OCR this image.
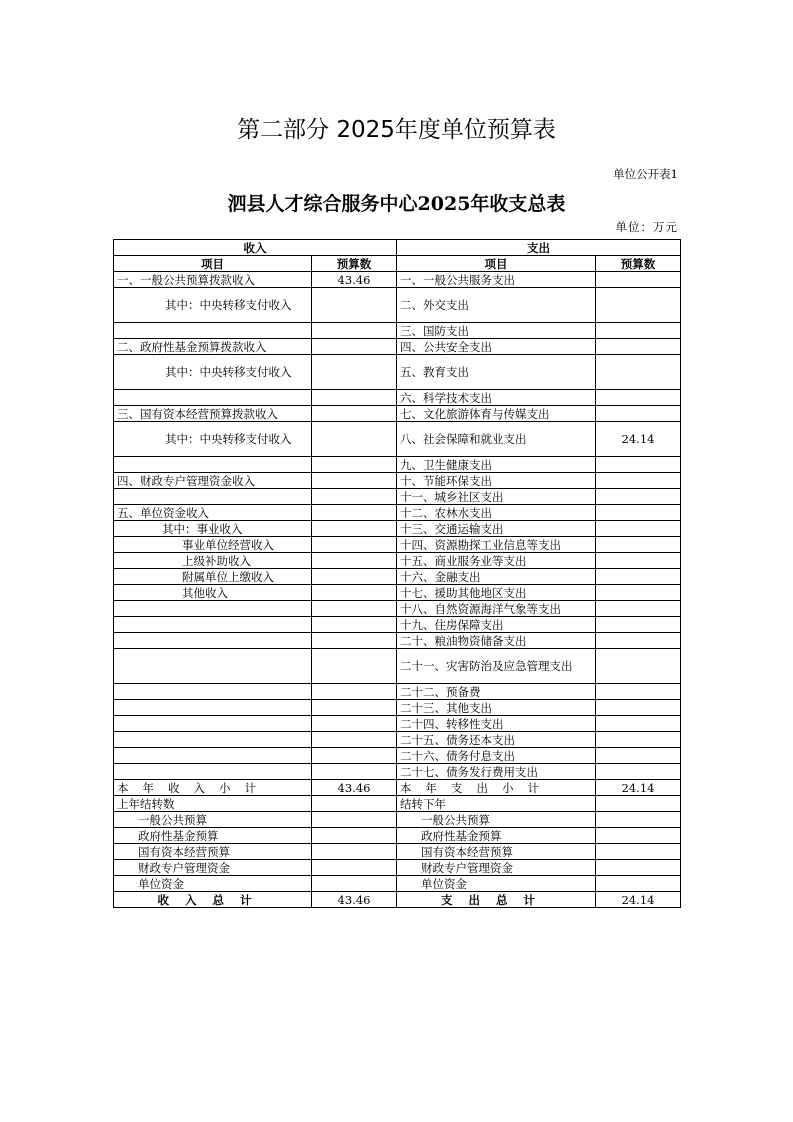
第二部分 2025年度单位预算表
单位公开表1
泗县人才综合服务中心2025年收支总表
单位：万元
收入		支出	
项目	预算数	项目	预算数
一、一般公共预算拨款收入	43.46	一、一般公共服务支出	
其中：中央转移支付收入		二、外交支出	
		三、国防支出	
二、政府性基金预算拨款收入		四、公共安全支出	
其中：中央转移支付收入		五、教育支出	
		六、科学技术支出	
三、国有资本经营预算拨款收入		七、文化旅游体育与传媒支出	
其中：中央转移支付收入		八、社会保障和就业支出	24.14
		九、卫生健康支出	
四、财政专户管理资金收入		十、节能环保支出	
		十一、城乡社区支出	
五、单位资金收入		十二、农林水支出	
其中：事业收入		十三、交通运输支出	
事业单位经营收入		十四、资源勘探工业信息等支出	
上级补助收入		十五、商业服务业等支出	
附属单位上缴收入		十六、金融支出	
其他收入		十七、援助其他地区支出	
		十八、自然资源海洋气象等支出	
		十九、住房保障支出	
		二十、粮油物资储备支出	
		二十一、灾害防治及应急管理支出	
		二十二、预备费	
		二十三、其他支出	
		二十四、转移性支出	
		二十五、债务还本支出	
		二十六、债务付息支出	
		二十七、债务发行费用支出	
本年收入小计	43.46	本年支出小计	24.14
上年结转数		结转下年	
一般公共预算		一般公共预算	
政府性基金预算		政府性基金预算	
国有资本经营预算		国有资本经营预算	
财政专户管理资金		财政专户管理资金	
单位资金		单位资金	
收入总计	43.46	支出总计	24.14
